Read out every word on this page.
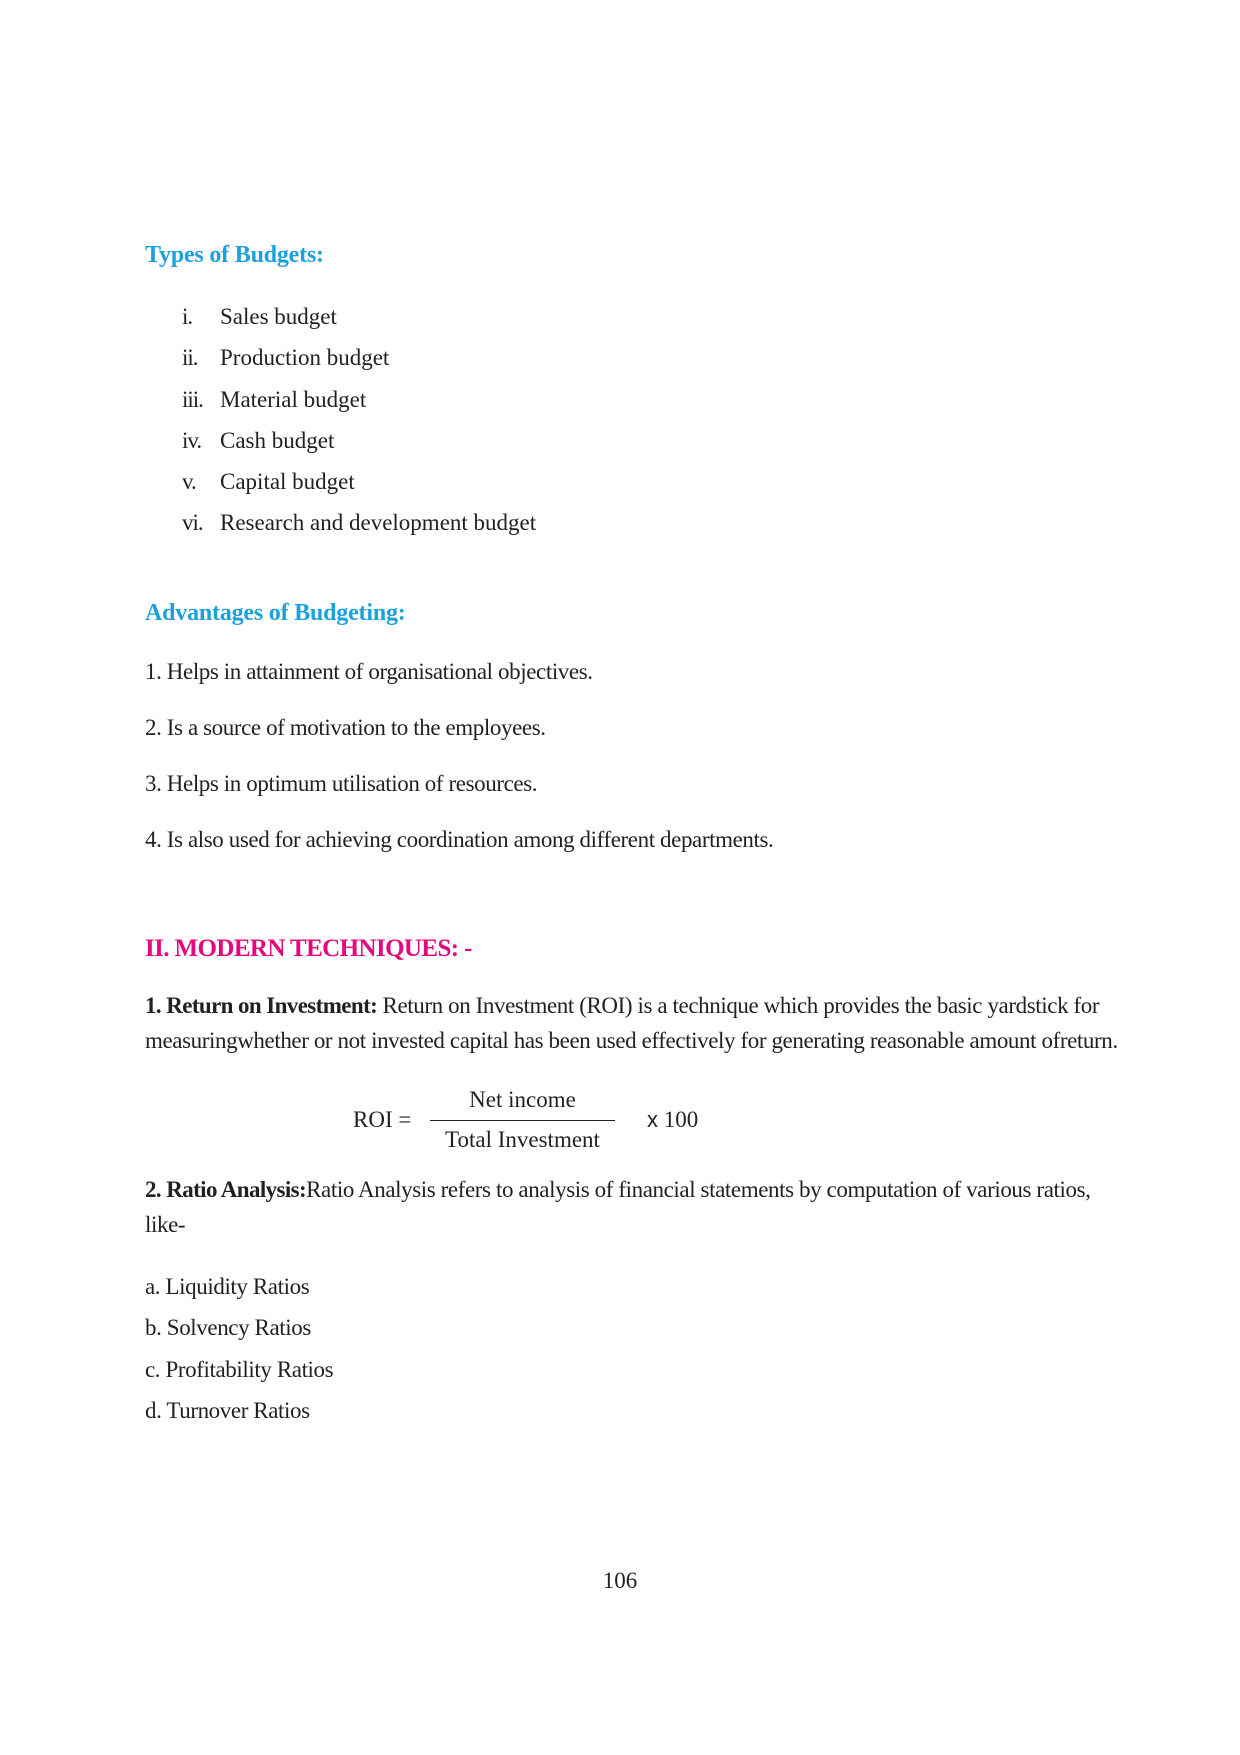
Types of Budgets:
i. Sales budget
ii. Production budget
iii. Material budget
iv. Cash budget
v. Capital budget
vi. Research and development budget
Advantages of Budgeting:
1. Helps in attainment of organisational objectives.
2. Is a source of motivation to the employees.
3. Helps in optimum utilisation of resources.
4. Is also used for achieving coordination among different departments.
II. MODERN TECHNIQUES: -

1. Return on Investment: Return on Investment (ROI) is a technique which provides the basic yardstick for measuringwhether or not invested capital has been used effectively for generating reasonable amount ofreturn.

ROI =
Net income
Total Investment
x 100

2. Ratio Analysis:Ratio Analysis refers to analysis of financial statements by computation of various ratios, like-

a. Liquidity Ratios
b. Solvency Ratios
c. Profitability Ratios
d. Turnover Ratios
106
